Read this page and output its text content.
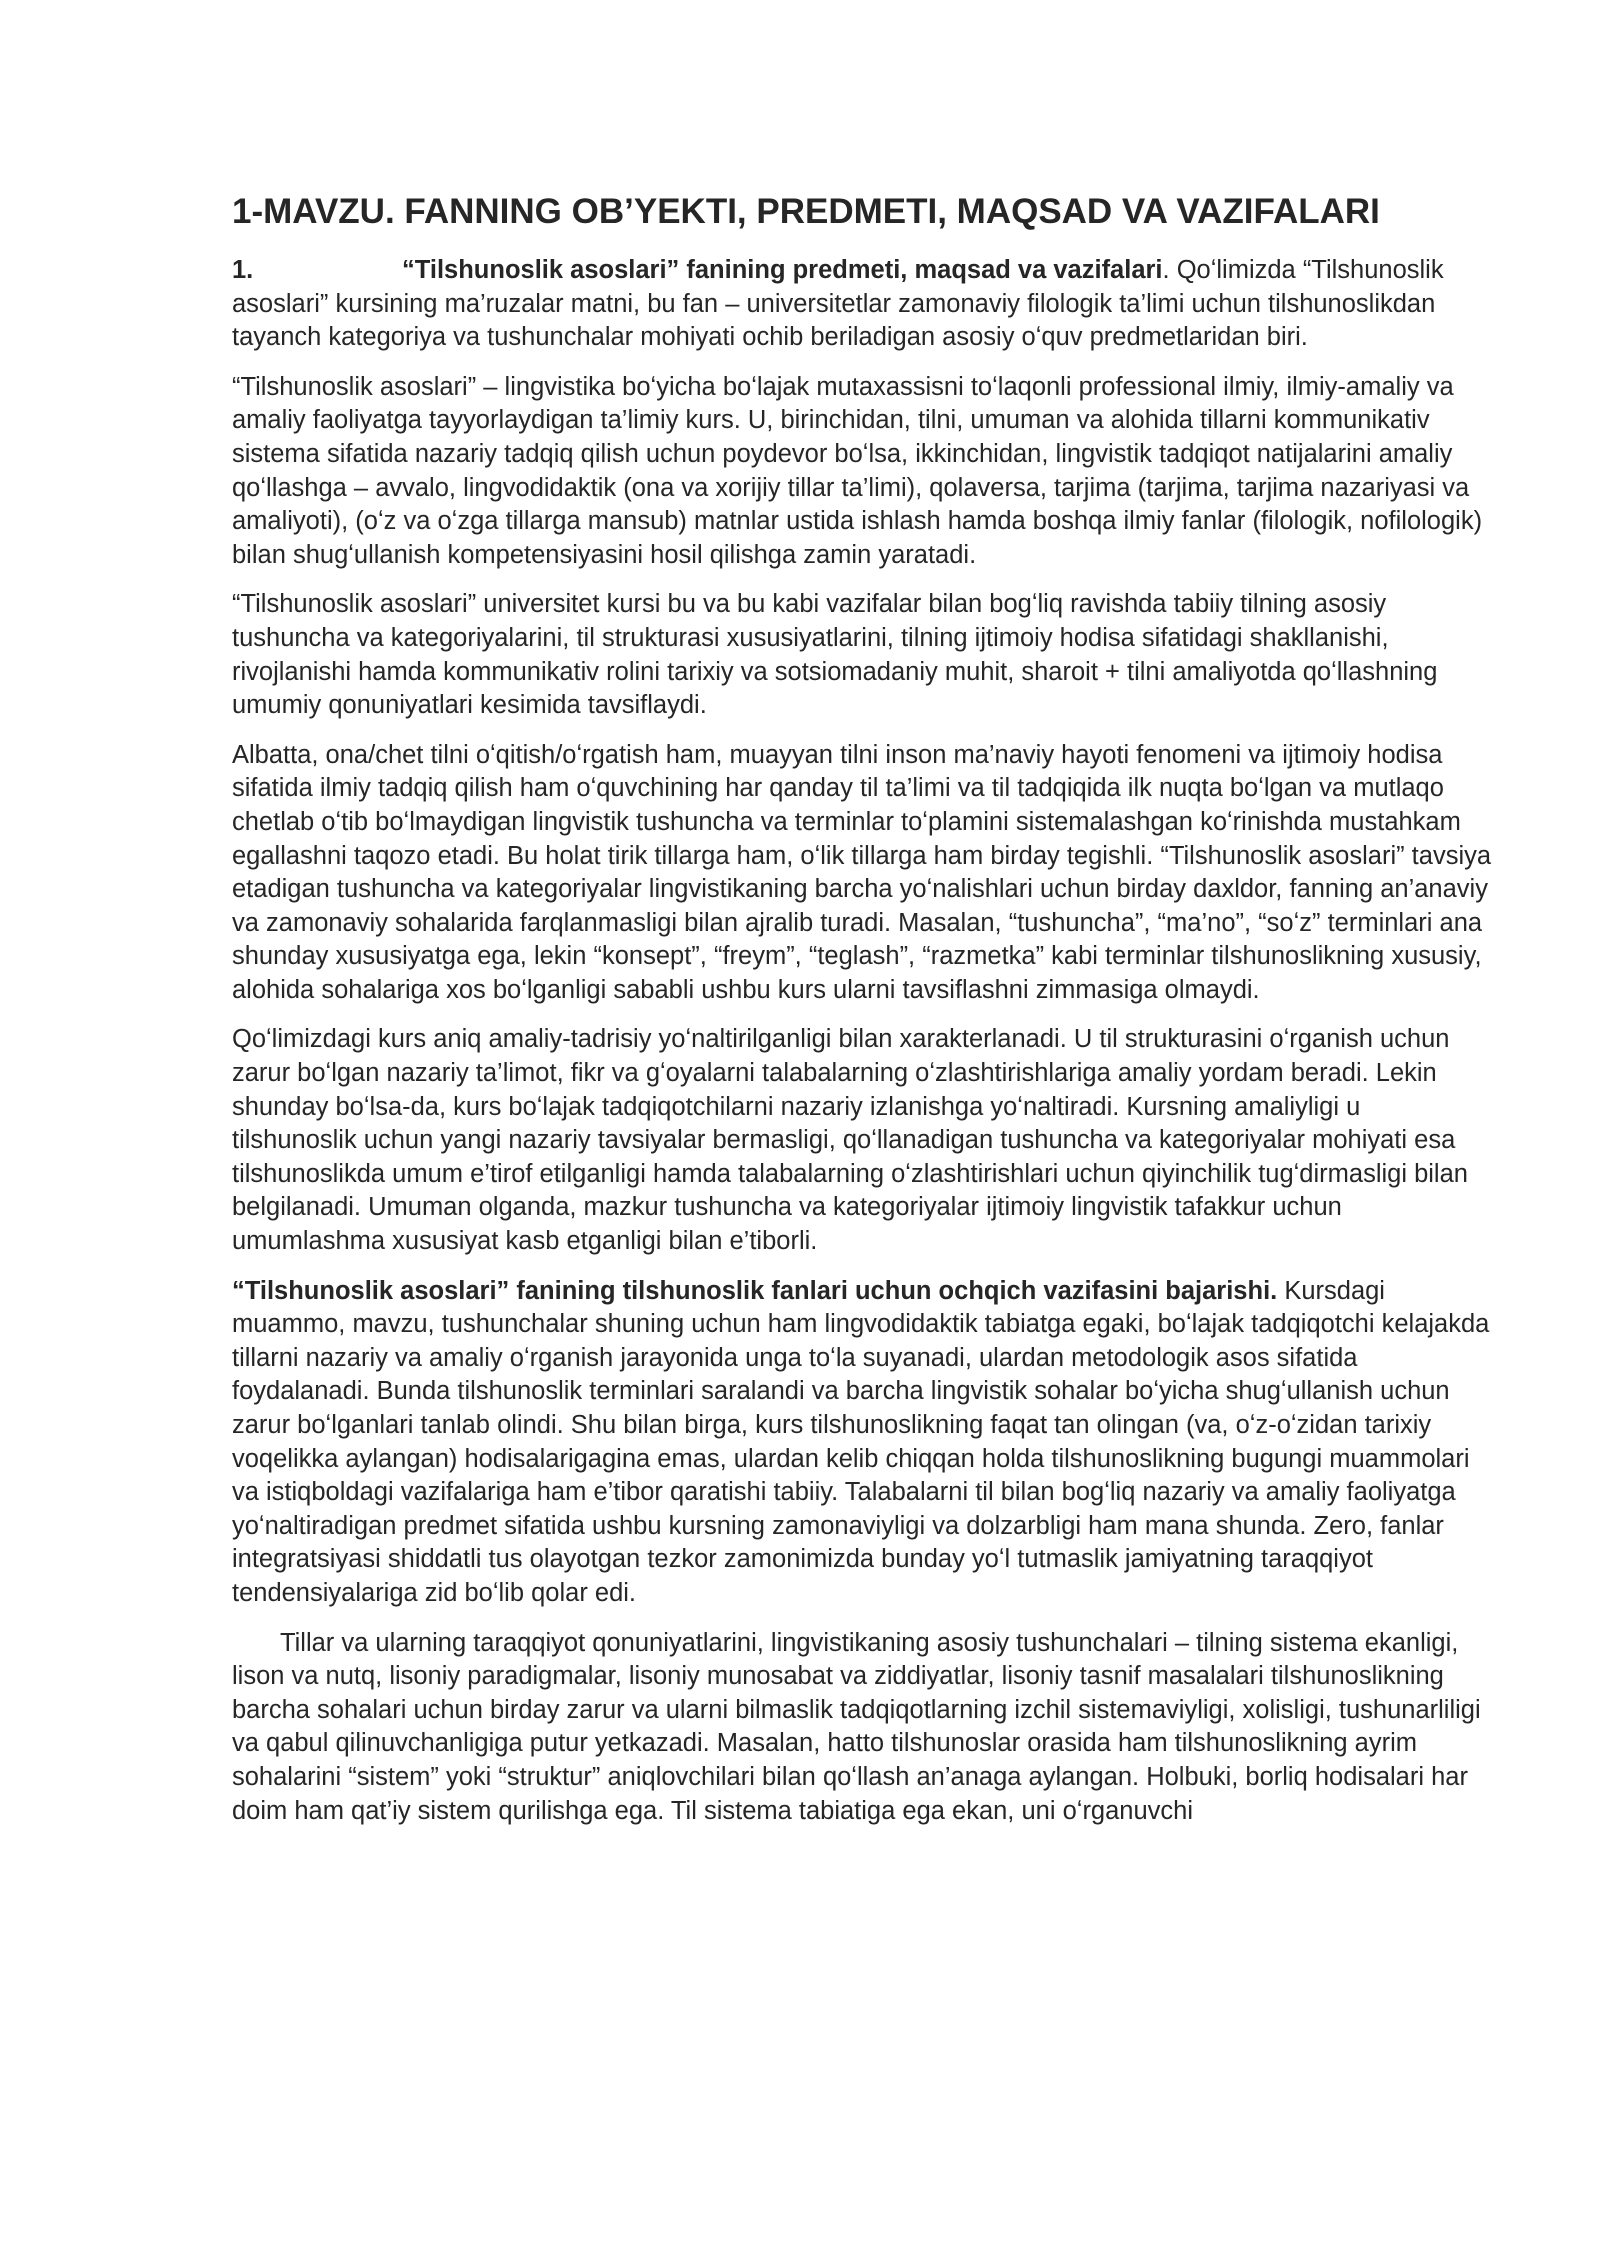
1-MAVZU. FANNING OB’YEKTI, PREDMETI, MAQSAD VA VAZIFALARI

1.	“Tilshunoslik asoslari” fanining predmeti, maqsad va vazifalari. Qoʻlimizda “Tilshunoslik asoslari” kursining ma’ruzalar matni, bu fan – universitetlar zamonaviy filologik ta’limi uchun tilshunoslikdan tayanch kategoriya va tushunchalar mohiyati ochib beriladigan asosiy oʻquv predmetlaridan biri.

“Tilshunoslik asoslari” – lingvistika boʻyicha boʻlajak mutaxassisni toʻlaqonli professional ilmiy, ilmiy-amaliy va amaliy faoliyatga tayyorlaydigan ta’limiy kurs. U, birinchidan, tilni, umuman va alohida tillarni kommunikativ sistema sifatida nazariy tadqiq qilish uchun poydevor boʻlsa, ikkinchidan, lingvistik tadqiqot natijalarini amaliy qoʻllashga – avvalo, lingvodidaktik (ona va xorijiy tillar ta’limi), qolaversa, tarjima (tarjima, tarjima nazariyasi va amaliyoti), (oʻz va oʻzga tillarga mansub) matnlar ustida ishlash hamda boshqa ilmiy fanlar (filologik, nofilologik) bilan shugʻullanish kompetensiyasini hosil qilishga zamin yaratadi.

“Tilshunoslik asoslari” universitet kursi bu va bu kabi vazifalar bilan bogʻliq ravishda tabiiy tilning asosiy tushuncha va kategoriyalarini, til strukturasi xususiyatlarini, tilning ijtimoiy hodisa sifatidagi shakllanishi, rivojlanishi hamda kommunikativ rolini tarixiy va sotsiomadaniy muhit, sharoit + tilni amaliyotda qoʻllashning umumiy qonuniyatlari kesimida tavsiflaydi.

Albatta, ona/chet tilni oʻqitish/oʻrgatish ham, muayyan tilni inson ma’naviy hayoti fenomeni va ijtimoiy hodisa sifatida ilmiy tadqiq qilish ham oʻquvchining har qanday til ta’limi va til tadqiqida ilk nuqta boʻlgan va mutlaqo chetlab oʻtib boʻlmaydigan lingvistik tushuncha va terminlar toʻplamini sistemalashgan koʻrinishda mustahkam egallashni taqozo etadi. Bu holat tirik tillarga ham, oʻlik tillarga ham birday tegishli. “Tilshunoslik asoslari” tavsiya etadigan tushuncha va kategoriyalar lingvistikaning barcha yoʻnalishlari uchun birday daxldor, fanning an’anaviy va zamonaviy sohalarida farqlanmasligi bilan ajralib turadi. Masalan, “tushuncha”, “ma’no”, “soʻz” terminlari ana shunday xususiyatga ega, lekin “konsept”, “freym”, “teglash”, “razmetka” kabi terminlar tilshunoslikning xususiy, alohida sohalariga xos boʻlganligi sababli ushbu kurs ularni tavsiflashni zimmasiga olmaydi.

Qoʻlimizdagi kurs aniq amaliy-tadrisiy yoʻnaltirilganligi bilan xarakterlanadi. U til strukturasini oʻrganish uchun zarur boʻlgan nazariy ta’limot, fikr va gʻoyalarni talabalarning oʻzlashtirishlariga amaliy yordam beradi. Lekin shunday boʻlsa-da, kurs boʻlajak tadqiqotchilarni nazariy izlanishga yoʻnaltiradi. Kursning amaliyligi u tilshunoslik uchun yangi nazariy tavsiyalar bermasligi, qoʻllanadigan tushuncha va kategoriyalar mohiyati esa tilshunoslikda umum e’tirof etilganligi hamda talabalarning oʻzlashtirishlari uchun qiyinchilik tugʻdirmasligi bilan belgilanadi. Umuman olganda, mazkur tushuncha va kategoriyalar ijtimoiy lingvistik tafakkur uchun umumlashma xususiyat kasb etganligi bilan e’tiborli.

“Tilshunoslik asoslari” fanining tilshunoslik fanlari uchun ochqich vazifasini bajarishi. Kursdagi muammo, mavzu, tushunchalar shuning uchun ham lingvodidaktik tabiatga egaki, boʻlajak tadqiqotchi kelajakda tillarni nazariy va amaliy oʻrganish jarayonida unga toʻla suyanadi, ulardan metodologik asos sifatida foydalanadi. Bunda tilshunoslik terminlari saralandi va barcha lingvistik sohalar boʻyicha shugʻullanish uchun zarur boʻlganlari tanlab olindi. Shu bilan birga, kurs tilshunoslikning faqat tan olingan (va, oʻz-oʻzidan tarixiy voqelikka aylangan) hodisalarigagina emas, ulardan kelib chiqqan holda tilshunoslikning bugungi muammolari va istiqboldagi vazifalariga ham e’tibor qaratishi tabiiy. Talabalarni til bilan bogʻliq nazariy va amaliy faoliyatga yoʻnaltiradigan predmet sifatida ushbu kursning zamonaviyligi va dolzarbligi ham mana shunda. Zero, fanlar integratsiyasi shiddatli tus olayotgan tezkor zamonimizda bunday yoʻl tutmaslik jamiyatning taraqqiyot tendensiyalariga zid boʻlib qolar edi.

Tillar va ularning taraqqiyot qonuniyatlarini, lingvistikaning asosiy tushunchalari – tilning sistema ekanligi, lison va nutq, lisoniy paradigmalar, lisoniy munosabat va ziddiyatlar, lisoniy tasnif masalalari tilshunoslikning barcha sohalari uchun birday zarur va ularni bilmaslik tadqiqotlarning izchil sistemaviyligi, xolisligi, tushunarliligi va qabul qilinuvchanligiga putur yetkazadi. Masalan, hatto tilshunoslar orasida ham tilshunoslikning ayrim sohalarini “sistem” yoki “struktur” aniqlovchilari bilan qoʻllash an’anaga aylangan. Holbuki, borliq hodisalari har doim ham qat’iy sistem qurilishga ega. Til sistema tabiatiga ega ekan, uni oʻrganuvchi
